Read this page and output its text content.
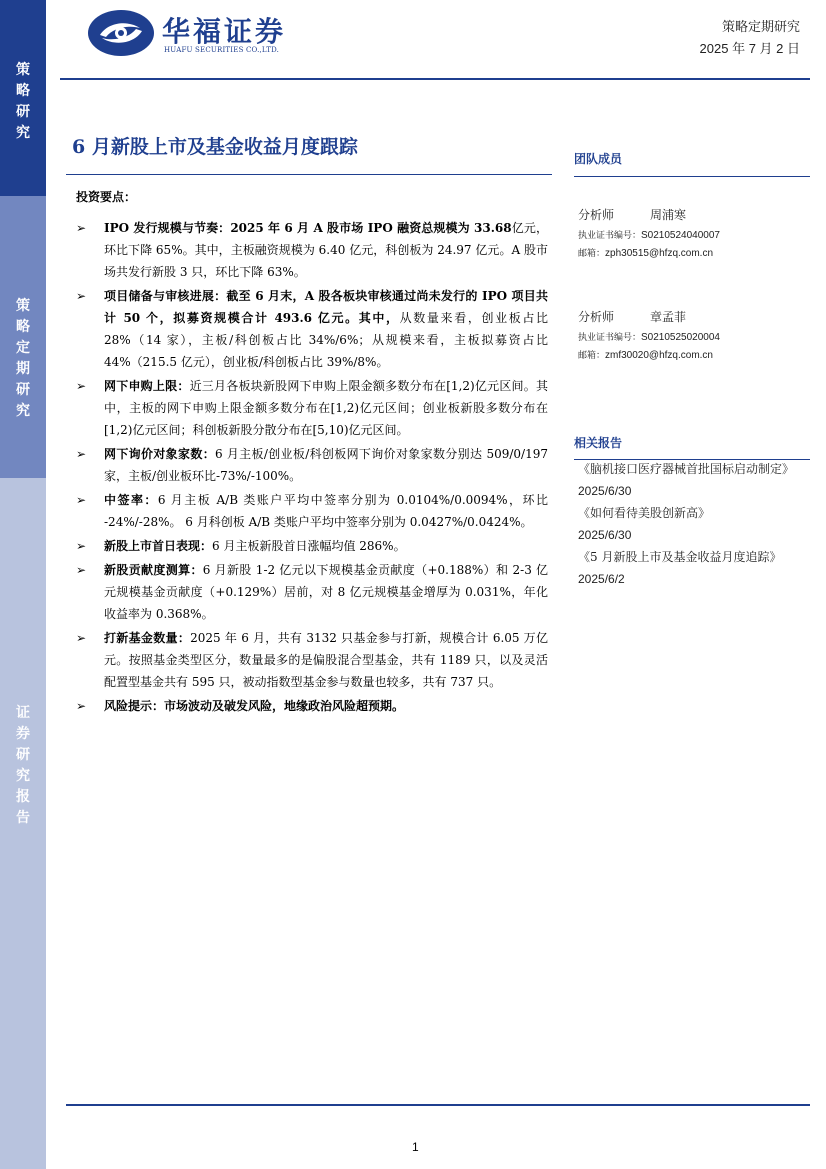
策
略
研
究
策
略
定
期
研
究
证
券
研
究
报
告
华福证券
HUAFU SECURITIES CO.,LTD.
策略定期研究
2025 年 7 月 2 日
6 月新股上市及基金收益月度跟踪
投资要点：
➢	IPO 发行规模与节奏：2025 年 6 月 A 股市场 IPO 融资总规模为 33.68亿元，环比下降 65%。其中，主板融资规模为 6.40 亿元，科创板为 24.97 亿元。A 股市场共发行新股 3 只，环比下降 63%。
➢	项目储备与审核进展：截至 6 月末，A 股各板块审核通过尚未发行的 IPO 项目共计 50 个，拟募资规模合计 493.6 亿元。其中，从数量来看，创业板占比 28%（14 家），主板/科创板占比 34%/6%；从规模来看，主板拟募资占比 44%（215.5 亿元），创业板/科创板占比 39%/8%。
➢	网下申购上限：近三月各板块新股网下申购上限金额多数分布在[1,2)亿元区间。其中，主板的网下申购上限金额多数分布在[1,2)亿元区间；创业板新股多数分布在[1,2)亿元区间；科创板新股分散分布在[5,10)亿元区间。
➢	网下询价对象家数：6 月主板/创业板/科创板网下询价对象家数分别达 509/0/197 家，主板/创业板环比-73%/-100%。
➢	中签率：6 月主板 A/B 类账户平均中签率分别为 0.0104%/0.0094%，环比 -24%/-28%。 6 月科创板 A/B 类账户平均中签率分别为 0.0427%/0.0424%。
➢	新股上市首日表现：6 月主板新股首日涨幅均值 286%。
➢	新股贡献度测算：6 月新股 1-2 亿元以下规模基金贡献度（+0.188%）和 2-3 亿元规模基金贡献度（+0.129%）居前，对 8 亿元规模基金增厚为 0.031%，年化收益率为 0.368%。
➢	打新基金数量：2025 年 6 月，共有 3132 只基金参与打新，规模合计 6.05 万亿元。按照基金类型区分，数量最多的是偏股混合型基金，共有 1189 只，以及灵活配置型基金共有 595 只，被动指数型基金参与数量也较多，共有 737 只。
➢	风险提示：市场波动及破发风险，地缘政治风险超预期。
团队成员
分析师	周浦寒
执业证书编号：S0210524040007
邮箱：zph30515@hfzq.com.cn
分析师	章孟菲
执业证书编号：S0210525020004
邮箱：zmf30020@hfzq.com.cn
相关报告
《脑机接口医疗器械首批国标启动制定》
2025/6/30
《如何看待美股创新高》
2025/6/30
《5 月新股上市及基金收益月度追踪》
2025/6/2
1
